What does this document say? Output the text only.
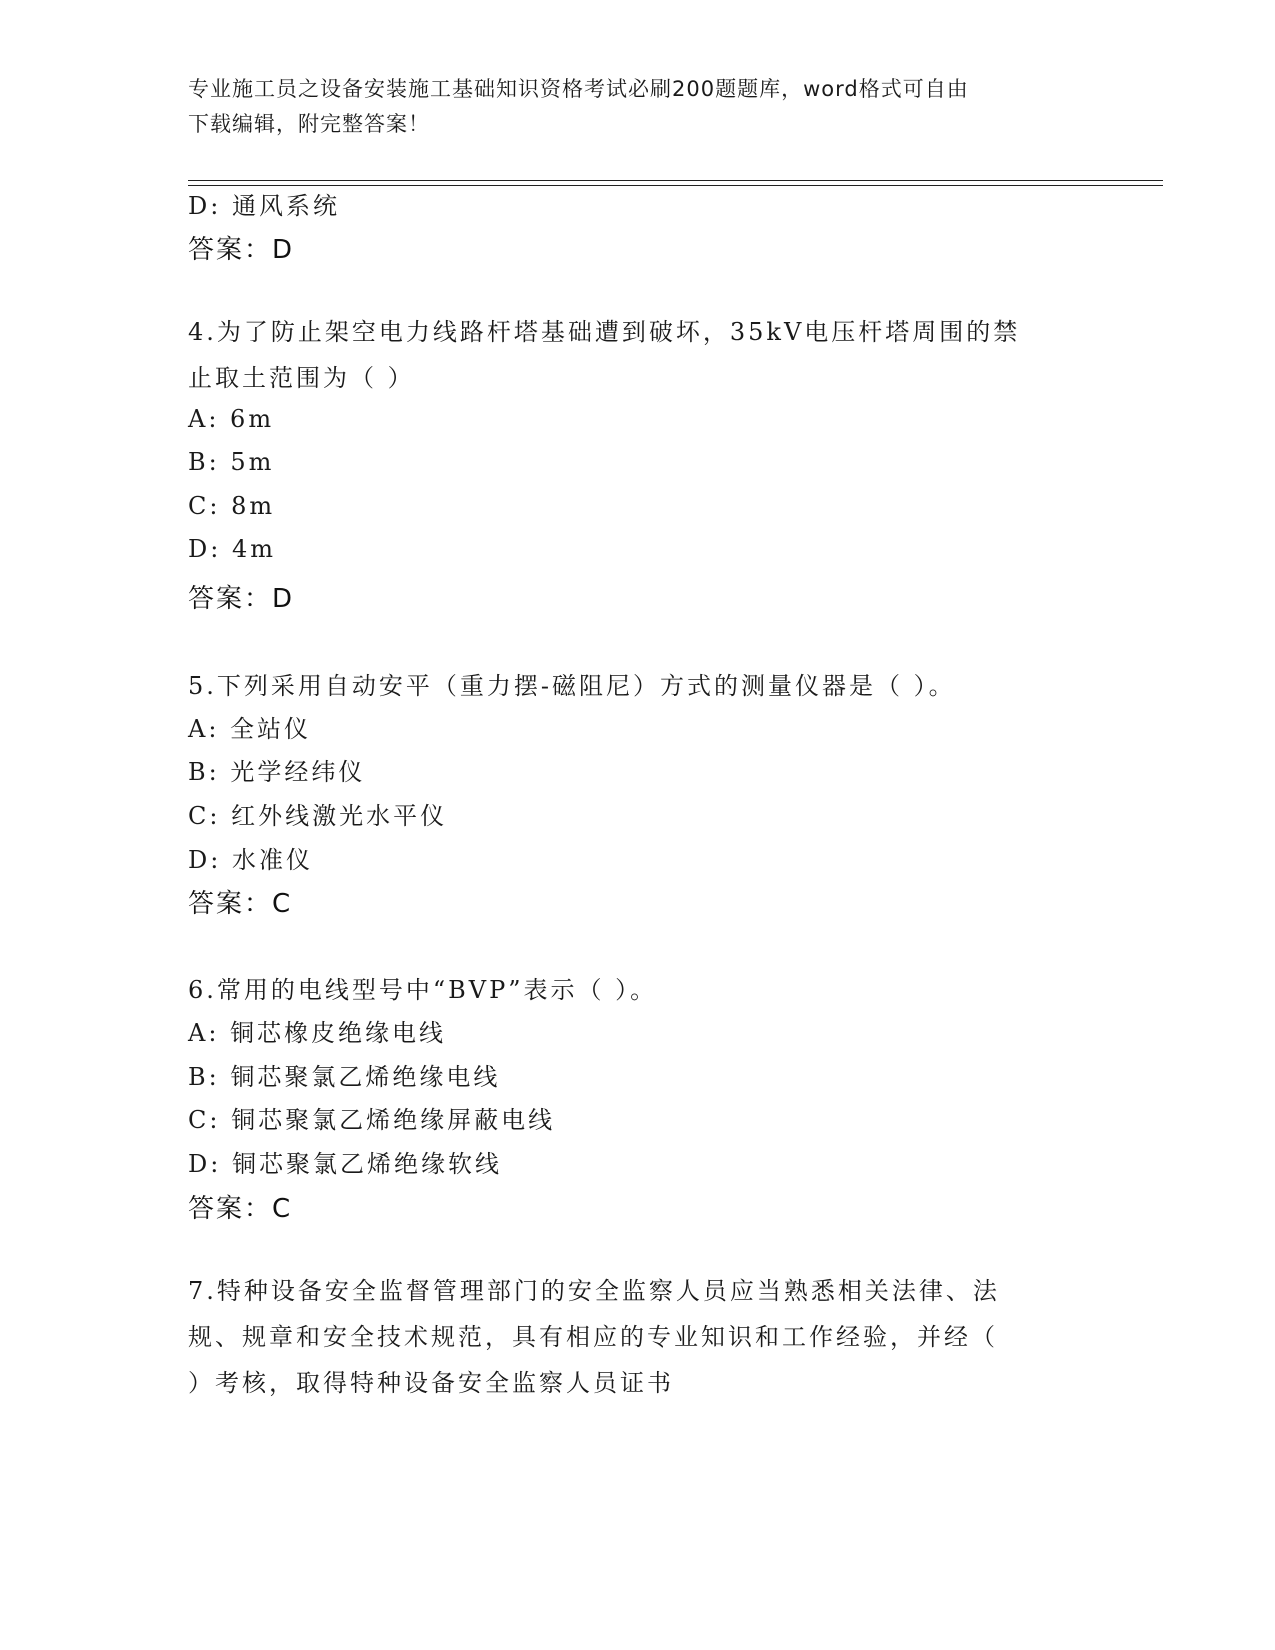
专业施工员之设备安装施工基础知识资格考试必刷200题题库，word格式可自由
下载编辑，附完整答案！
D: 通风系统
答案：D
4.为了防止架空电力线路杆塔基础遭到破坏，35kV电压杆塔周围的禁
止取土范围为（ ）
A: 6m
B: 5m
C: 8m
D: 4m
答案：D
5.下列采用自动安平（重力摆-磁阻尼）方式的测量仪器是（ ）。
A: 全站仪
B: 光学经纬仪
C: 红外线激光水平仪
D: 水准仪
答案：C
6.常用的电线型号中“BVP”表示（ ）。
A: 铜芯橡皮绝缘电线
B: 铜芯聚氯乙烯绝缘电线
C: 铜芯聚氯乙烯绝缘屏蔽电线
D: 铜芯聚氯乙烯绝缘软线
答案：C
7.特种设备安全监督管理部门的安全监察人员应当熟悉相关法律、法
规、规章和安全技术规范，具有相应的专业知识和工作经验，并经（
）考核，取得特种设备安全监察人员证书
